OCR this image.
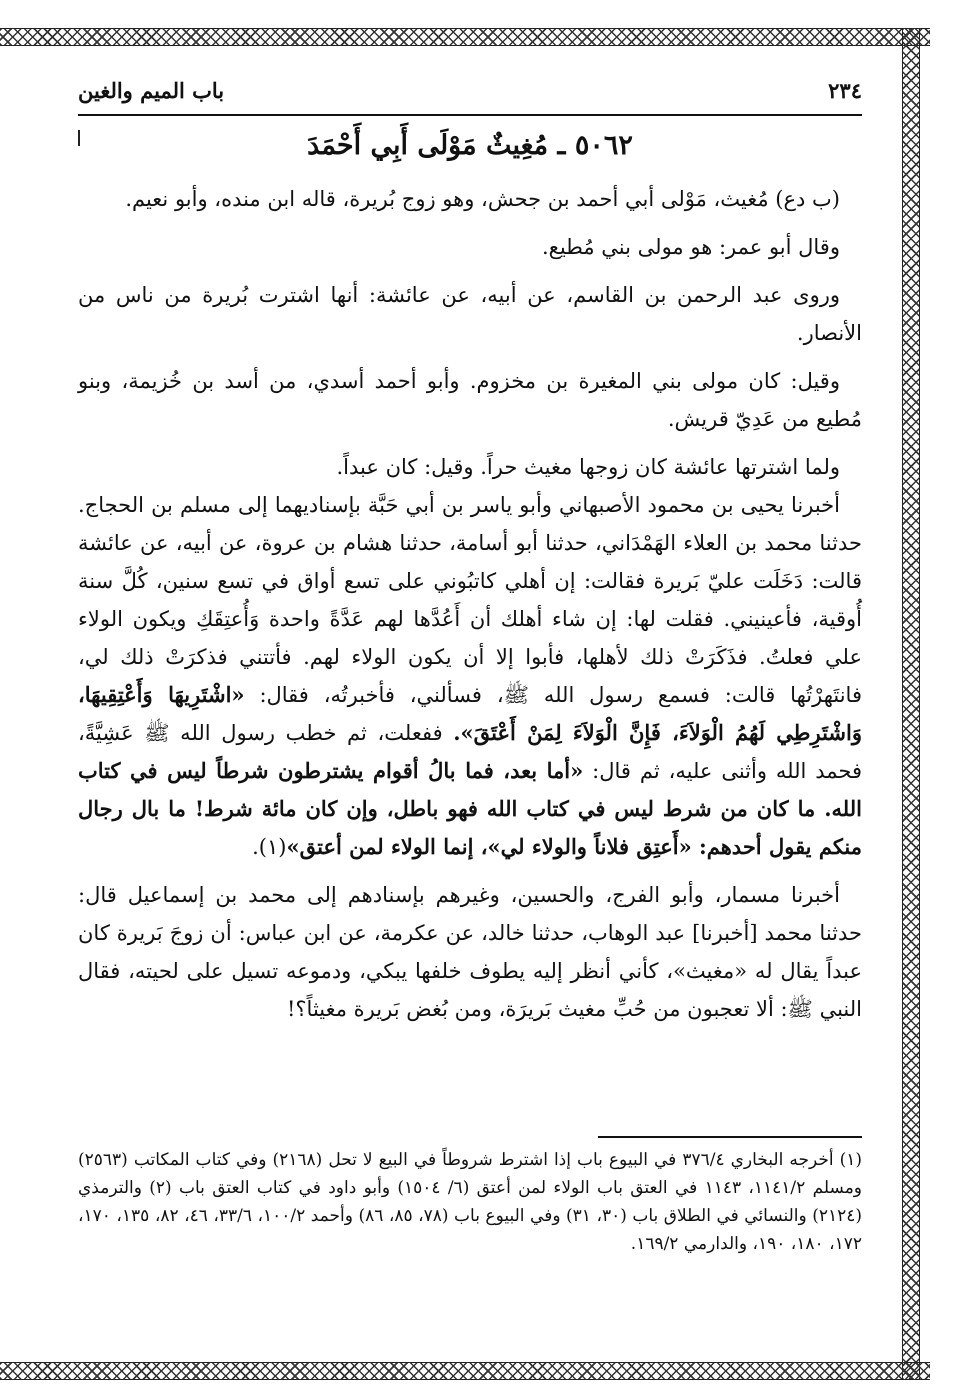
٢٣٤
باب الميم والغين
٥٠٦٢ ـ مُغِيثٌ مَوْلَى أَبِي أَحْمَدَ

(ب دع) مُغيث، مَوْلى أبي أحمد بن جحش، وهو زوج بُريرة، قاله ابن منده، وأبو نعيم.

وقال أبو عمر: هو مولى بني مُطيع.

وروى عبد الرحمن بن القاسم، عن أبيه، عن عائشة: أنها اشترت بُريرة من ناس من الأنصار.

وقيل: كان مولى بني المغيرة بن مخزوم. وأبو أحمد أسدي، من أسد بن خُزيمة، وبنو مُطيع من عَدِيّ قريش.

ولما اشترتها عائشة كان زوجها مغيث حراً. وقيل: كان عبداً.

أخبرنا يحيى بن محمود الأصبهاني وأبو ياسر بن أبي حَبَّة بإسناديهما إلى مسلم بن الحجاج. حدثنا محمد بن العلاء الهَمْدَاني، حدثنا أبو أسامة، حدثنا هشام بن عروة، عن أبيه، عن عائشة قالت: دَخَلَت عليّ بَريرة فقالت: إن أهلي كاتبُوني على تسع أواق في تسع سنين، كُلَّ سنة أُوقية، فأعينيني. فقلت لها: إن شاء أهلك أن أَعُدَّها لهم عَدَّةً واحدة وَأُعتِقَكِ ويكون الولاء علي فعلتُ. فذَكَرَتْ ذلك لأهلها، فأبوا إلا أن يكون الولاء لهم. فأتتني فذكرَتْ ذلك لي، فانتَهرْتُها قالت: فسمع رسول الله ﷺ، فسألني، فأخبرتُه، فقال: «اشْتَرِيهَا وَأَعْتِقِيهَا، وَاشْتَرِطِي لَهُمُ الْوَلاَءَ، فَإِنَّ الْوَلاَءَ لِمَنْ أَعْتَقَ». ففعلت، ثم خطب رسول الله ﷺ عَشِيَّةً، فحمد الله وأثنى عليه، ثم قال: «أما بعد، فما بالُ أقوام يشترطون شرطاً ليس في كتاب الله. ما كان من شرط ليس في كتاب الله فهو باطل، وإن كان مائة شرط! ما بال رجال منكم يقول أحدهم: «أَعتِق فلاناً والولاء لي»، إنما الولاء لمن أعتق»(١).

أخبرنا مسمار، وأبو الفرج، والحسين، وغيرهم بإسنادهم إلى محمد بن إسماعيل قال: حدثنا محمد [أخبرنا] عبد الوهاب، حدثنا خالد، عن عكرمة، عن ابن عباس: أن زوجَ بَريرة كان عبداً يقال له «مغيث»، كأني أنظر إليه يطوف خلفها يبكي، ودموعه تسيل على لحيته، فقال النبي ﷺ: ألا تعجبون من حُبِّ مغيث بَريرَة، ومن بُغض بَريرة مغيثاً؟!

(١) أخرجه البخاري ٣٧٦/٤ في البيوع باب إذا اشترط شروطاً في البيع لا تحل (٢١٦٨) وفي كتاب المكاتب (٢٥٦٣) ومسلم ١١٤١/٢، ١١٤٣ في العتق باب الولاء لمن أعتق (٦/ ١٥٠٤) وأبو داود في كتاب العتق باب (٢) والترمذي (٢١٢٤) والنسائي في الطلاق باب (٣٠، ٣١) وفي البيوع باب (٧٨، ٨٥، ٨٦) وأحمد ١٠٠/٢، ٣٣/٦، ٤٦، ٨٢، ١٣٥، ١٧٠، ١٧٢، ١٨٠، ١٩٠، والدارمي ١٦٩/٢.
